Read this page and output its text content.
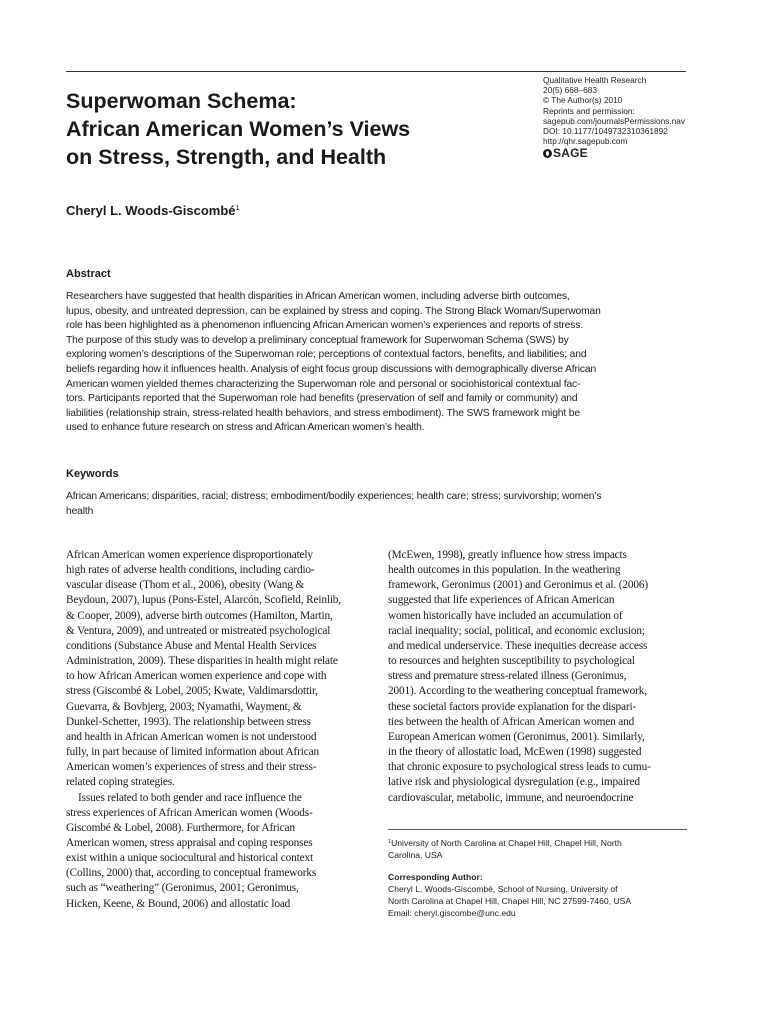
Superwoman Schema:
African American Women’s Views
on Stress, Strength, and Health
Qualitative Health Research
20(5) 668–683
© The Author(s) 2010
Reprints and permission:
sagepub.com/journalsPermissions.nav
DOI: 10.1177/1049732310361892
http://qhr.sagepub.com
SAGE

Cheryl L. Woods-Giscombé$^1$

Abstract
Researchers have suggested that health disparities in African American women, including adverse birth outcomes,
lupus, obesity, and untreated depression, can be explained by stress and coping. The Strong Black Woman/Superwoman
role has been highlighted as a phenomenon influencing African American women’s experiences and reports of stress.
The purpose of this study was to develop a preliminary conceptual framework for Superwoman Schema (SWS) by
exploring women’s descriptions of the Superwoman role; perceptions of contextual factors, benefits, and liabilities; and
beliefs regarding how it influences health. Analysis of eight focus group discussions with demographically diverse African
American women yielded themes characterizing the Superwoman role and personal or sociohistorical contextual fac-
tors. Participants reported that the Superwoman role had benefits (preservation of self and family or community) and
liabilities (relationship strain, stress-related health behaviors, and stress embodiment). The SWS framework might be
used to enhance future research on stress and African American women’s health.
Keywords
African Americans; disparities, racial; distress; embodiment/bodily experiences; health care; stress; survivorship; women’s
health
African American women experience disproportionately
high rates of adverse health conditions, including cardio-
vascular disease (Thom et al., 2006), obesity (Wang &
Beydoun, 2007), lupus (Pons-Estel, Alarcón, Scofield, Reinlib,
& Cooper, 2009), adverse birth outcomes (Hamilton, Martin,
& Ventura, 2009), and untreated or mistreated psychological
conditions (Substance Abuse and Mental Health Services
Administration, 2009). These disparities in health might relate
to how African American women experience and cope with
stress (Giscombé & Lobel, 2005; Kwate, Valdimarsdottir,
Guevarra, & Bovbjerg, 2003; Nyamathi, Wayment, &
Dunkel-Schetter, 1993). The relationship between stress
and health in African American women is not understood
fully, in part because of limited information about African
American women’s experiences of stress and their stress-
related coping strategies.
Issues related to both gender and race influence the
stress experiences of African American women (Woods-
Giscombé & Lobel, 2008). Furthermore, for African
American women, stress appraisal and coping responses
exist within a unique sociocultural and historical context
(Collins, 2000) that, according to conceptual frameworks
such as “weathering” (Geronimus, 2001; Geronimus,
Hicken, Keene, & Bound, 2006) and allostatic load
(McEwen, 1998), greatly influence how stress impacts
health outcomes in this population. In the weathering
framework, Geronimus (2001) and Geronimus et al. (2006)
suggested that life experiences of African American
women historically have included an accumulation of
racial inequality; social, political, and economic exclusion;
and medical underservice. These inequities decrease access
to resources and heighten susceptibility to psychological
stress and premature stress-related illness (Geronimus,
2001). According to the weathering conceptual framework,
these societal factors provide explanation for the dispari-
ties between the health of African American women and
European American women (Geronimus, 2001). Similarly,
in the theory of allostatic load, McEwen (1998) suggested
that chronic exposure to psychological stress leads to cumu-
lative risk and physiological dysregulation (e.g., impaired
cardiovascular, metabolic, immune, and neuroendocrine
$^1$University of North Carolina at Chapel Hill, Chapel Hill, North
Carolina, USA
Corresponding Author:
Cheryl L. Woods-Giscombé, School of Nursing, University of
North Carolina at Chapel Hill, Chapel Hill, NC 27599-7460, USA
Email: cheryl.giscombe@unc.edu
